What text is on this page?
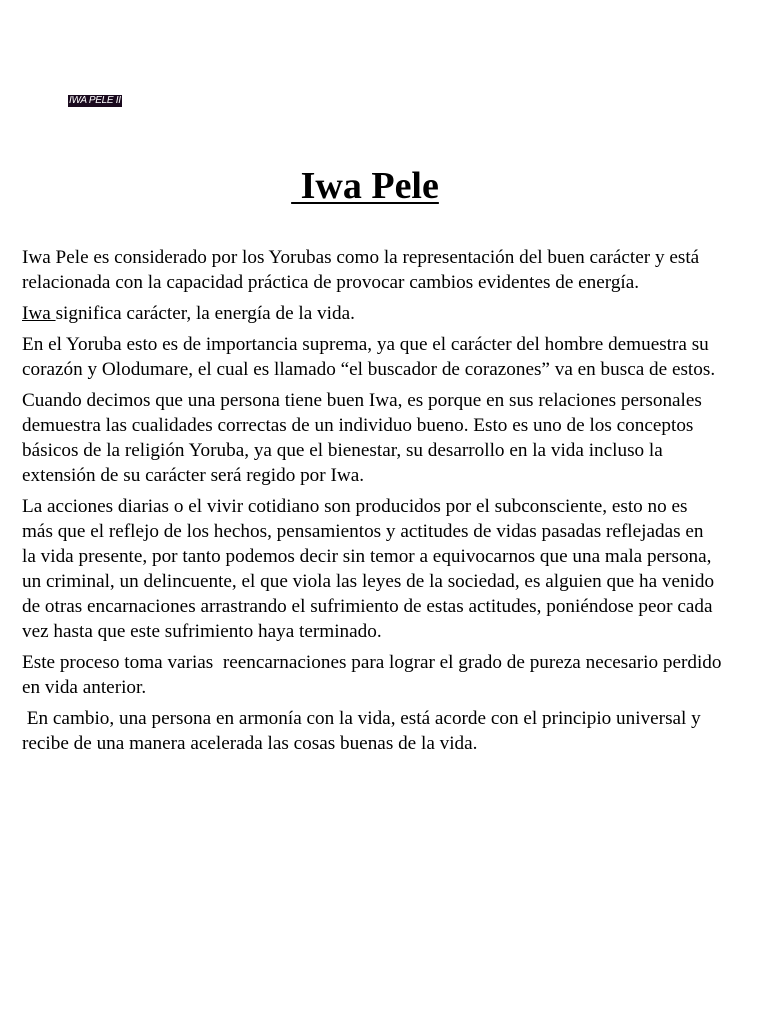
IWA PELE II
Iwa Pele

Iwa Pele es considerado por los Yorubas como la representación del buen carácter y está relacionada con la capacidad práctica de provocar cambios evidentes de energía.

Iwa significa carácter, la energía de la vida.

En el Yoruba esto es de importancia suprema, ya que el carácter del hombre demuestra su corazón y Olodumare, el cual es llamado “el buscador de corazones” va en busca de estos.

Cuando decimos que una persona tiene buen Iwa, es porque en sus relaciones personales demuestra las cualidades correctas de un individuo bueno. Esto es uno de los conceptos básicos de la religión Yoruba, ya que el bienestar, su desarrollo en la vida incluso la extensión de su carácter será regido por Iwa.

La acciones diarias o el vivir cotidiano son producidos por el subconsciente, esto no es más que el reflejo de los hechos, pensamientos y actitudes de vidas pasadas reflejadas en la vida presente, por tanto podemos decir sin temor a equivocarnos que una mala persona, un criminal, un delincuente, el que viola las leyes de la sociedad, es alguien que ha venido de otras encarnaciones arrastrando el sufrimiento de estas actitudes, poniéndose peor cada vez hasta que este sufrimiento haya terminado.

Este proceso toma varias  reencarnaciones para lograr el grado de pureza necesario perdido en vida anterior.

En cambio, una persona en armonía con la vida, está acorde con el principio universal y recibe de una manera acelerada las cosas buenas de la vida.
